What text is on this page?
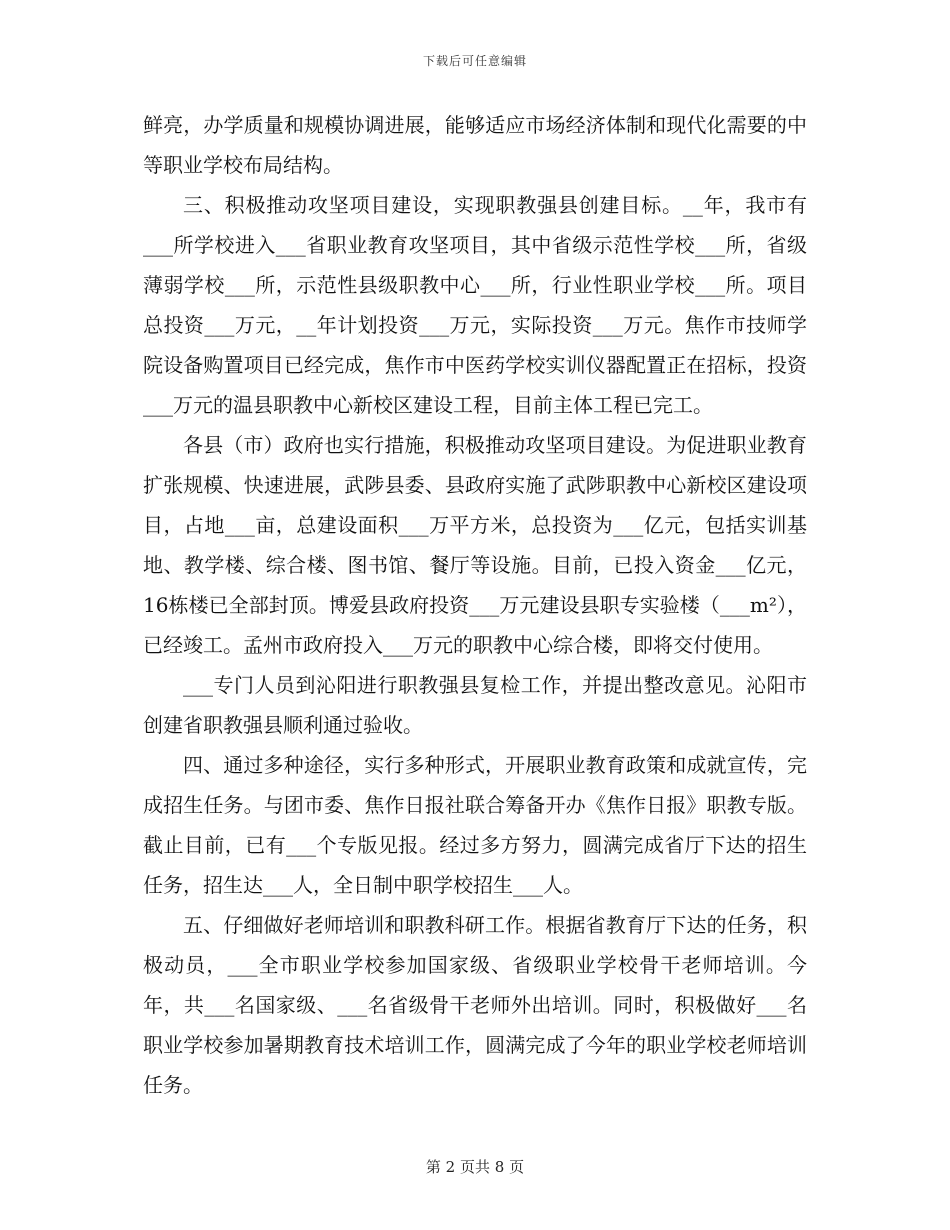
下载后可任意编辑

鲜亮，办学质量和规模协调进展，能够适应市场经济体制和现代化需要的中等职业学校布局结构。

三、积极推动攻坚项目建设，实现职教强县创建目标。__年，我市有___所学校进入___省职业教育攻坚项目，其中省级示范性学校___所，省级薄弱学校___所，示范性县级职教中心___所，行业性职业学校___所。项目总投资___万元，__年计划投资___万元，实际投资___万元。焦作市技师学院设备购置项目已经完成，焦作市中医药学校实训仪器配置正在招标，投资___万元的温县职教中心新校区建设工程，目前主体工程已完工。

各县（市）政府也实行措施，积极推动攻坚项目建设。为促进职业教育扩张规模、快速进展，武陟县委、县政府实施了武陟职教中心新校区建设项目，占地___亩，总建设面积___万平方米，总投资为___亿元，包括实训基地、教学楼、综合楼、图书馆、餐厅等设施。目前，已投入资金___亿元，16栋楼已全部封顶。博爱县政府投资___万元建设县职专实验楼（___m²），已经竣工。孟州市政府投入___万元的职教中心综合楼，即将交付使用。

___专门人员到沁阳进行职教强县复检工作，并提出整改意见。沁阳市创建省职教强县顺利通过验收。

四、通过多种途径，实行多种形式，开展职业教育政策和成就宣传，完成招生任务。与团市委、焦作日报社联合筹备开办《焦作日报》职教专版。截止目前，已有___个专版见报。经过多方努力，圆满完成省厅下达的招生任务，招生达___人，全日制中职学校招生___人。

五、仔细做好老师培训和职教科研工作。根据省教育厅下达的任务，积极动员，___全市职业学校参加国家级、省级职业学校骨干老师培训。今年，共___名国家级、___名省级骨干老师外出培训。同时，积极做好___名职业学校参加暑期教育技术培训工作，圆满完成了今年的职业学校老师培训任务。

第 2 页共 8 页
